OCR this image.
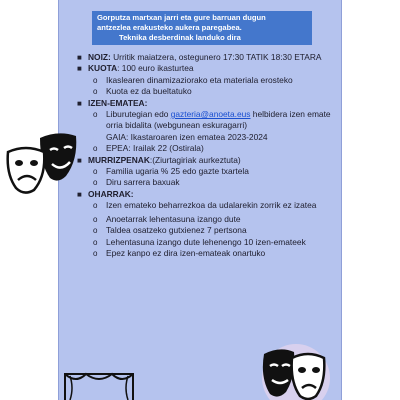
Gorputza martxan jarri eta gure barruan dugun
antzezlea erakusteko aukera paregabea.

Teknika desberdinak landuko dira

■ NOIZ: Urritik maiatzera, ostegunero 17:30 TATIK 18:30 ETARA

■ KUOTA: 100 euro ikasturtea

o Ikaslearen dinamizaziorako eta materiala erosteko

o Kuota ez da bueltatuko

■ IZEN-EMATEA:

o Liburutegian edo gazteria@anoeta.eus helbidera izen emate orria bidalita (webgunean eskuragarri)
GAIA: Ikastaroaren izen ematea 2023-2024

o EPEA: Irailak 22 (Ostirala)

■ MURRIZPENAK:(Ziurtagiriak aurkeztuta)

o Familia ugaria % 25 edo gazte txartela

o Diru sarrera baxuak

■ OHARRAK:

o Izen emateko beharrezkoa da udalarekin zorrik ez izatea

o Anoetarrak lehentasuna izango dute

o Taldea osatzeko gutxienez 7 pertsona

o Lehentasuna izango dute lehenengo 10 izen-emateek

o Epez kanpo ez dira izen-emateak onartuko
